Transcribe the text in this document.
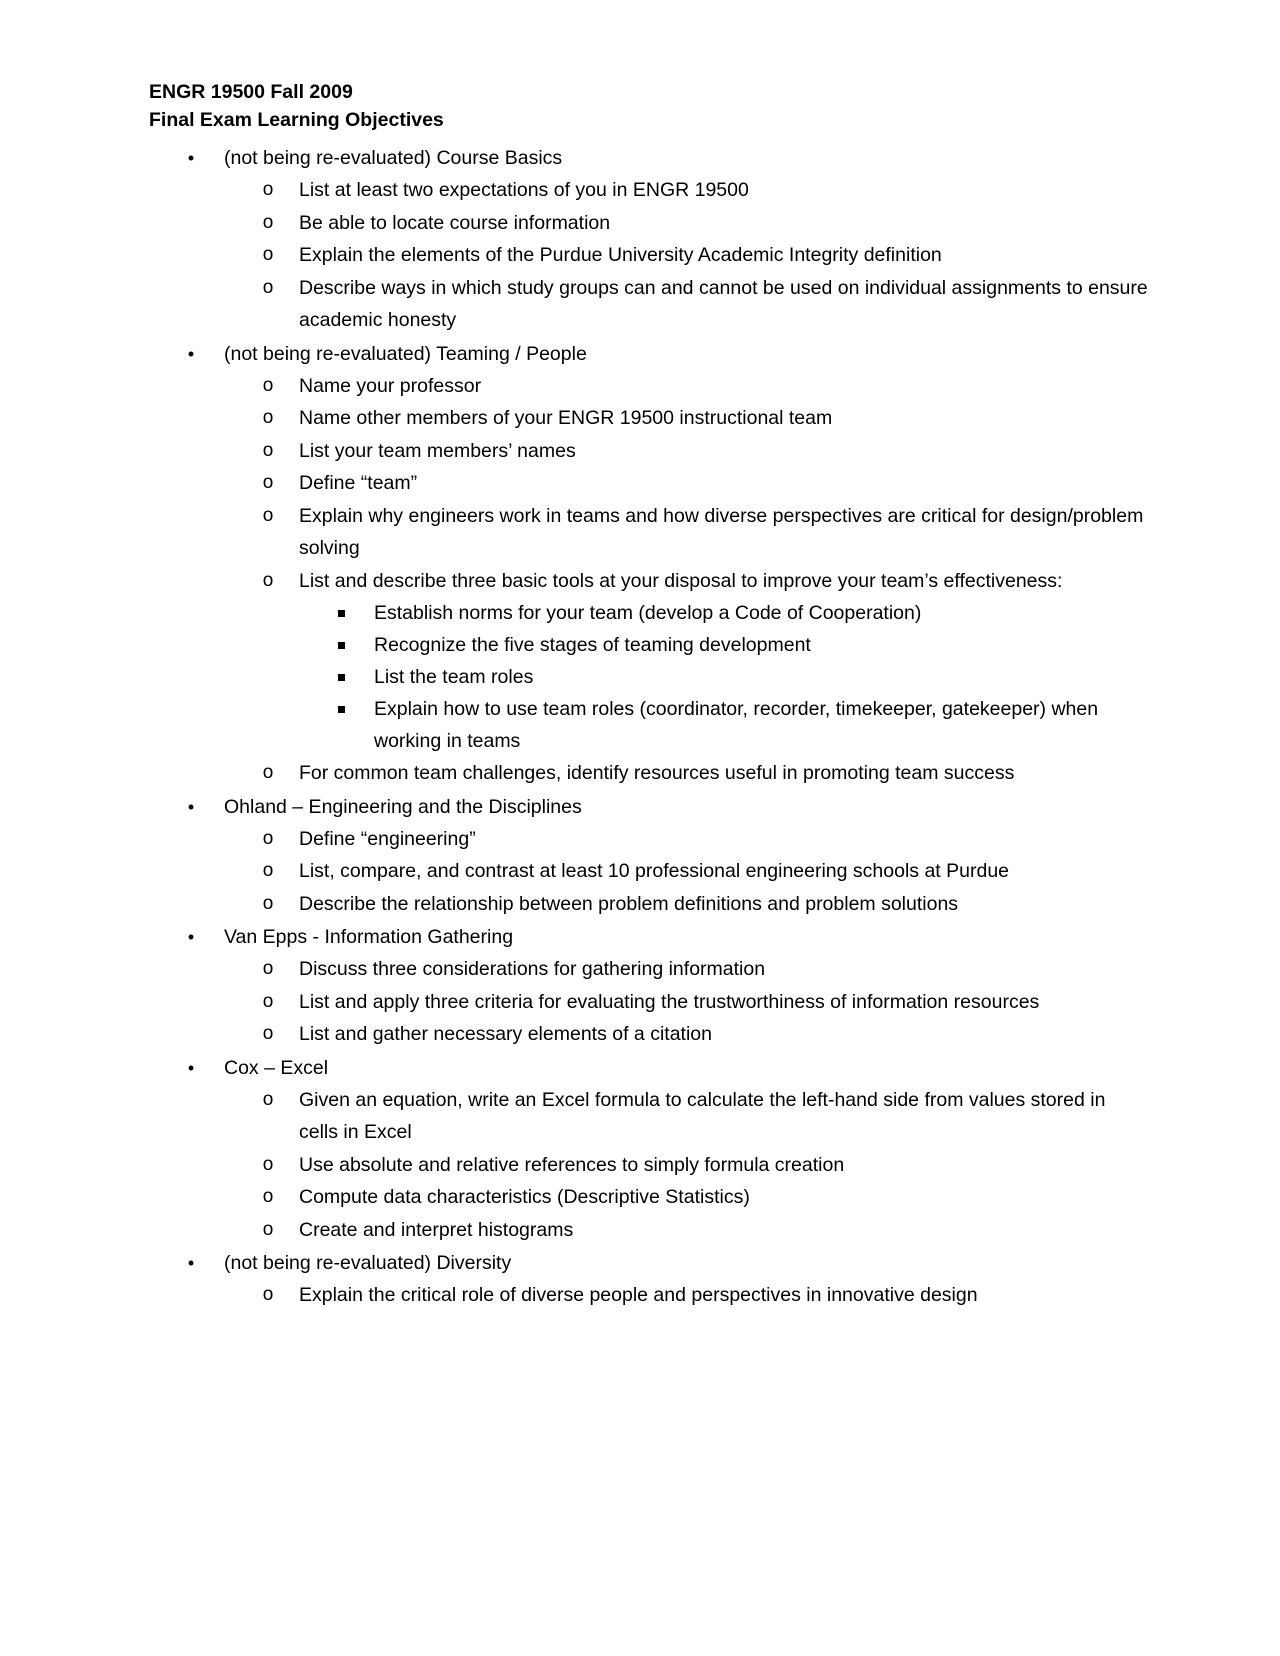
ENGR 19500 Fall 2009

Final Exam Learning Objectives

• (not being re-evaluated) Course Basics
o List at least two expectations of you in ENGR 19500
o Be able to locate course information
o Explain the elements of the Purdue University Academic Integrity definition
o Describe ways in which study groups can and cannot be used on individual assignments to ensure academic honesty
• (not being re-evaluated) Teaming / People
o Name your professor
o Name other members of your ENGR 19500 instructional team
o List your team members’ names
o Define “team”
o Explain why engineers work in teams and how diverse perspectives are critical for design/problem solving
o List and describe three basic tools at your disposal to improve your team’s effectiveness:
Establish norms for your team (develop a Code of Cooperation)
Recognize the five stages of teaming development
List the team roles
Explain how to use team roles (coordinator, recorder, timekeeper, gatekeeper) when working in teams
o For common team challenges, identify resources useful in promoting team success
• Ohland – Engineering and the Disciplines
o Define “engineering”
o List, compare, and contrast at least 10 professional engineering schools at Purdue
o Describe the relationship between problem definitions and problem solutions
• Van Epps - Information Gathering
o Discuss three considerations for gathering information
o List and apply three criteria for evaluating the trustworthiness of information resources
o List and gather necessary elements of a citation
• Cox – Excel
o Given an equation, write an Excel formula to calculate the left-hand side from values stored in cells in Excel
o Use absolute and relative references to simply formula creation
o Compute data characteristics (Descriptive Statistics)
o Create and interpret histograms
• (not being re-evaluated) Diversity
o Explain the critical role of diverse people and perspectives in innovative design
